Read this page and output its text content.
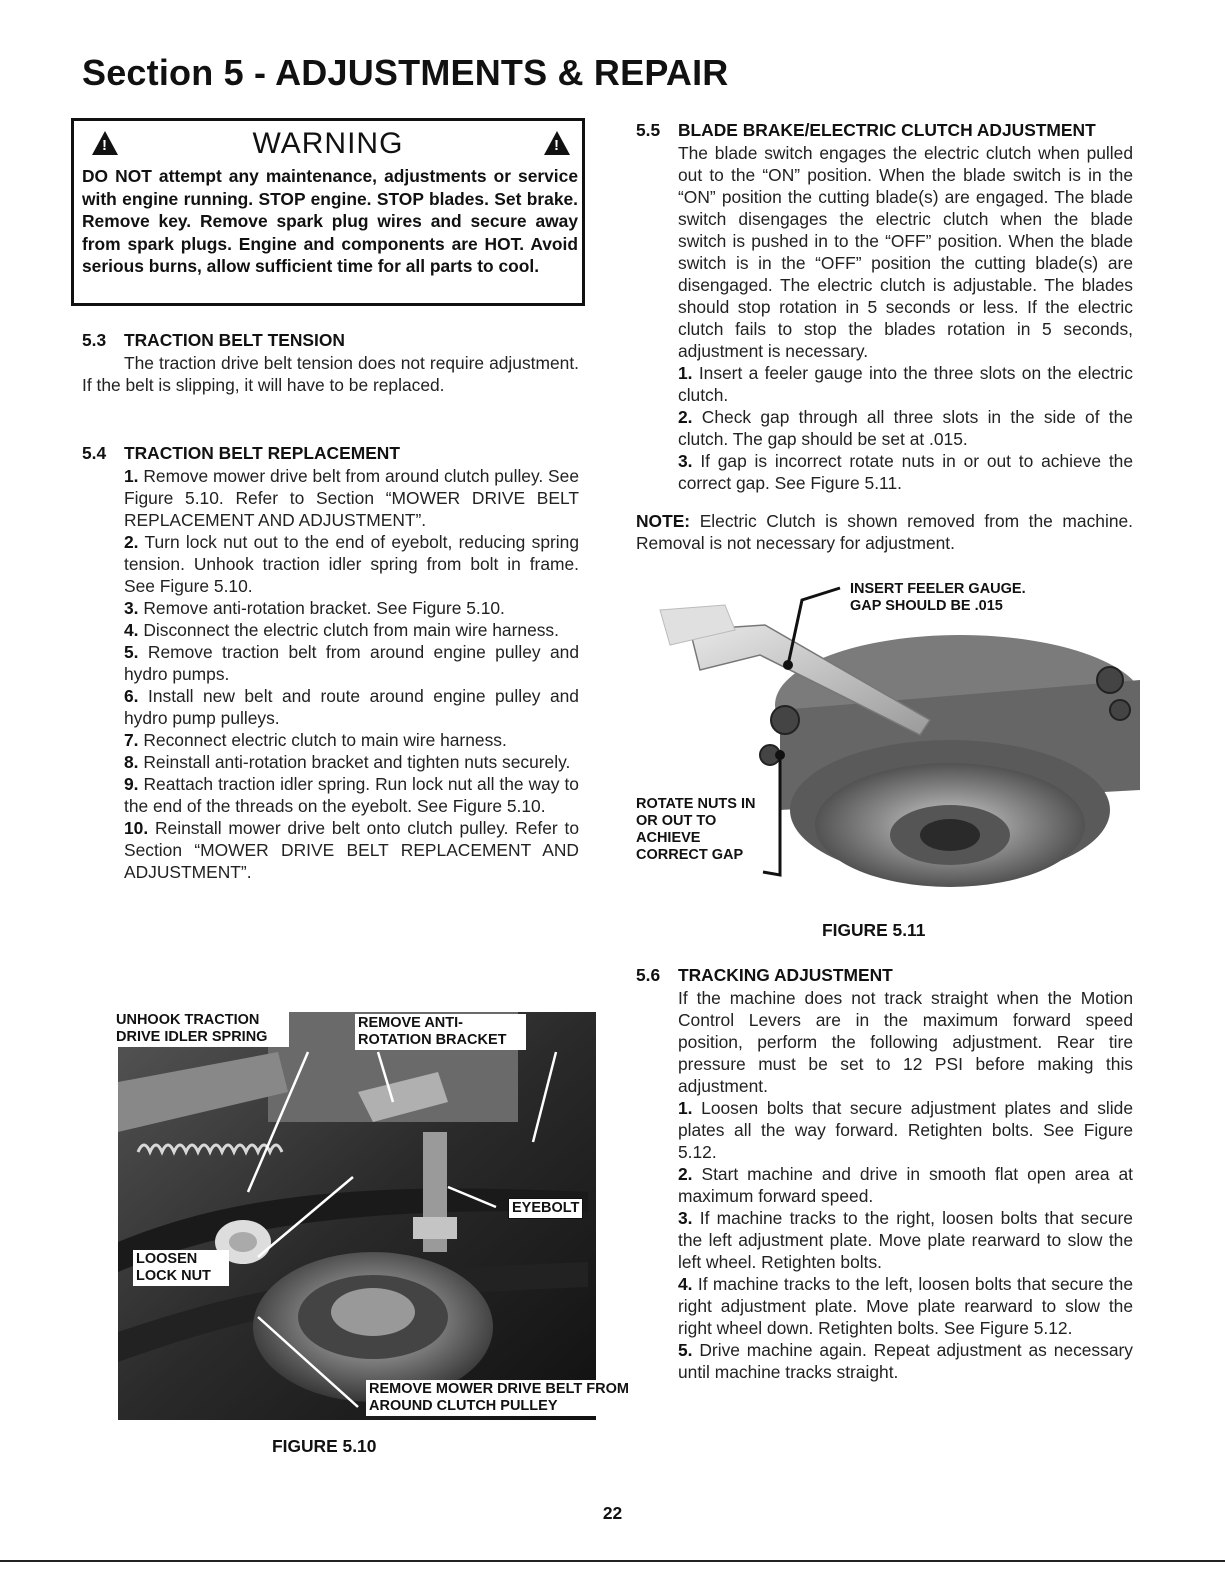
Section 5 - ADJUSTMENTS & REPAIR
!	!
WARNING

DO NOT attempt any maintenance, adjustments or service with engine running. STOP engine. STOP blades. Set brake. Remove key. Remove spark plug wires and secure away from spark plugs. Engine and components are HOT. Avoid serious burns, allow sufficient time for all parts to cool.

5.3 TRACTION BELT TENSION

The traction drive belt tension does not require adjustment. If the belt is slipping, it will have to be replaced.

5.4 TRACTION BELT REPLACEMENT

1. Remove mower drive belt from around clutch pulley. See Figure 5.10. Refer to Section “MOWER DRIVE BELT REPLACEMENT AND ADJUSTMENT”.

2. Turn lock nut out to the end of eyebolt, reducing spring tension. Unhook traction idler spring from bolt in frame. See Figure 5.10.

3. Remove anti-rotation bracket. See Figure 5.10.

4. Disconnect the electric clutch from main wire harness.

5. Remove traction belt from around engine pulley and hydro pumps.

6. Install new belt and route around engine pulley and hydro pump pulleys.

7. Reconnect electric clutch to main wire harness.

8. Reinstall anti-rotation bracket and tighten nuts securely.

9. Reattach traction idler spring. Run lock nut all the way to the end of the threads on the eyebolt. See Figure 5.10.

10. Reinstall mower drive belt onto clutch pulley. Refer to Section “MOWER DRIVE BELT REPLACEMENT AND ADJUSTMENT”.

UNHOOK TRACTION DRIVE IDLER SPRING
REMOVE ANTI-ROTATION BRACKET
EYEBOLT
LOOSEN LOCK NUT
REMOVE MOWER DRIVE BELT FROM AROUND CLUTCH PULLEY
FIGURE 5.10
5.5 BLADE BRAKE/ELECTRIC CLUTCH ADJUSTMENT

The blade switch engages the electric clutch when pulled out to the “ON” position. When the blade switch is in the “ON” position the cutting blade(s) are engaged. The blade switch disengages the electric clutch when the blade switch is pushed in to the “OFF” position. When the blade switch is in the “OFF” position the cutting blade(s) are disengaged. The electric clutch is adjustable. The blades should stop rotation in 5 seconds or less. If the electric clutch fails to stop the blades rotation in 5 seconds, adjustment is necessary.

1. Insert a feeler gauge into the three slots on the electric clutch.

2. Check gap through all three slots in the side of the clutch. The gap should be set at .015.

3. If gap is incorrect rotate nuts in or out to achieve the correct gap. See Figure 5.11.

NOTE: Electric Clutch is shown removed from the machine. Removal is not necessary for adjustment.

INSERT FEELER GAUGE. GAP SHOULD BE .015
ROTATE NUTS IN OR OUT TO ACHIEVE CORRECT GAP
FIGURE 5.11
5.6 TRACKING ADJUSTMENT

If the machine does not track straight when the Motion Control Levers are in the maximum forward speed position, perform the following adjustment. Rear tire pressure must be set to 12 PSI before making this adjustment.

1. Loosen bolts that secure adjustment plates and slide plates all the way forward. Retighten bolts. See Figure 5.12.

2. Start machine and drive in smooth flat open area at maximum forward speed.

3. If machine tracks to the right, loosen bolts that secure the left adjustment plate. Move plate rearward to slow the left wheel. Retighten bolts.

4. If machine tracks to the left, loosen bolts that secure the right adjustment plate. Move plate rearward to slow the right wheel down. Retighten bolts. See Figure 5.12.

5. Drive machine again. Repeat adjustment as necessary until machine tracks straight.

22
